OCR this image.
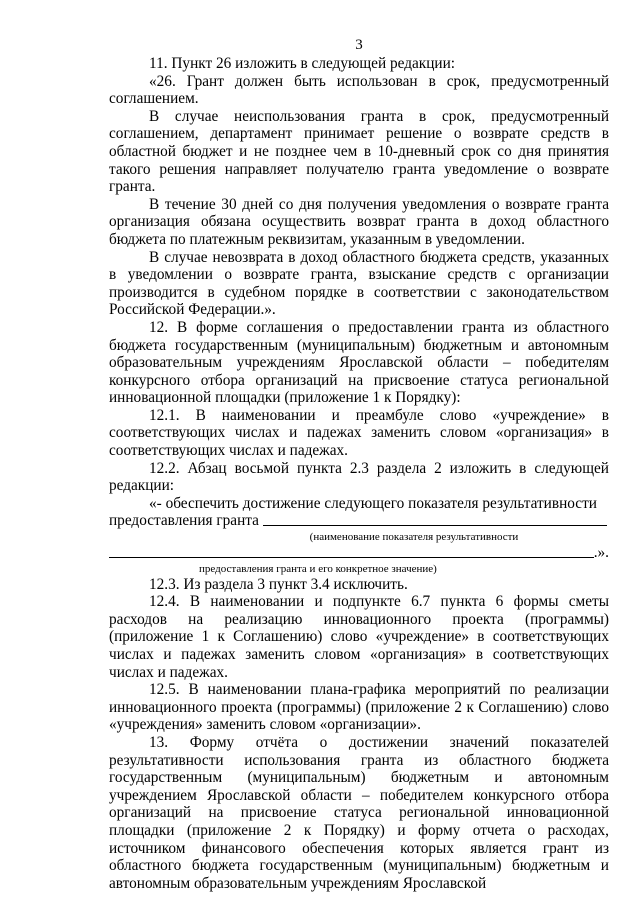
3

11. Пункт 26 изложить в следующей редакции:

«26. Грант должен быть использован в срок, предусмотренный соглашением.

В случае неиспользования гранта в срок, предусмотренный соглашением, департамент принимает решение о возврате средств в областной бюджет и не позднее чем в 10-дневный срок со дня принятия такого решения направляет получателю гранта уведомление о возврате гранта.

В течение 30 дней со дня получения уведомления о возврате гранта организация обязана осуществить возврат гранта в доход областного бюджета по платежным реквизитам, указанным в уведомлении.

В случае невозврата в доход областного бюджета средств, указанных в уведомлении о возврате гранта, взыскание средств с организации производится в судебном порядке в соответствии с законодательством Российской Федерации.».

12. В форме соглашения о предоставлении гранта из областного бюджета государственным (муниципальным) бюджетным и автономным образовательным учреждениям Ярославской области – победителям конкурсного отбора организаций на присвоение статуса региональной инновационной площадки (приложение 1 к Порядку):

12.1. В наименовании и преамбуле слово «учреждение» в соответствующих числах и падежах заменить словом «организация» в соответствующих числах и падежах.

12.2. Абзац восьмой пункта 2.3 раздела 2 изложить в следующей редакции:

«- обеспечить достижение следующего показателя результативности

предоставления гранта
(наименование показателя результативности
.».
предоставления гранта и его конкретное значение)

12.3. Из раздела 3 пункт 3.4 исключить.

12.4. В наименовании и подпункте 6.7 пункта 6 формы сметы расходов на реализацию инновационного проекта (программы) (приложение 1 к Соглашению) слово «учреждение» в соответствующих числах и падежах заменить словом «организация» в соответствующих числах и падежах.

12.5. В наименовании плана-графика мероприятий по реализации инновационного проекта (программы) (приложение 2 к Соглашению) слово «учреждения» заменить словом «организации».

13. Форму отчёта о достижении значений показателей результативности использования гранта из областного бюджета государственным (муниципальным) бюджетным и автономным учреждением Ярославской области – победителем конкурсного отбора организаций на присвоение статуса региональной инновационной площадки (приложение 2 к Порядку) и форму отчета о расходах, источником финансового обеспечения которых является грант из областного бюджета государственным (муниципальным) бюджетным и автономным образовательным учреждениям Ярославской
